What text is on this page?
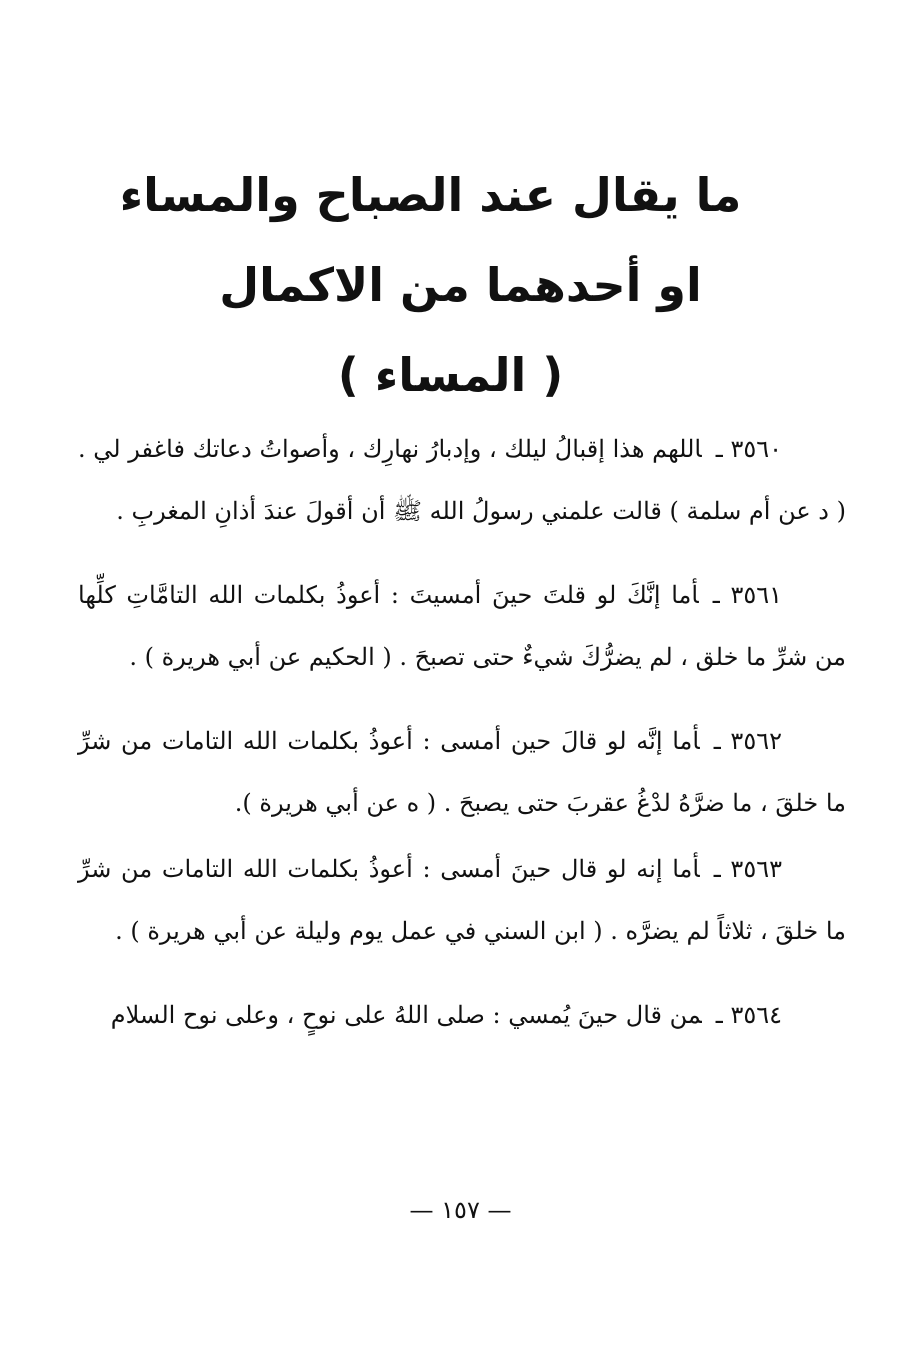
ما يقال عند الصباح والمساء
او أحدهما من الاكمال
( المساء )

٣٥٦٠ ـاللهم هذا إقبالُ ليلك ، وإدبارُ نهارِك ، وأصواتُ دعاتك فاغفر لي . ( د عن أم سلمة ) قالت علمني رسولُ الله ﷺ أن أقولَ عندَ أذانِ المغربِ .

٣٥٦١ ـأما إنَّكَ لو قلتَ حينَ أمسيتَ : أعوذُ بكلمات الله التامَّاتِ كلِّها من شرِّ ما خلق ، لم يضرُّكَ شيءٌ حتى تصبحَ . ( الحكيم عن أبي هريرة ) .

٣٥٦٢ ـأما إنَّه لو قالَ حين أمسى : أعوذُ بكلمات الله التامات من شرِّ ما خلقَ ، ما ضرَّهُ لدْغُ عقربَ حتى يصبحَ . ( ه عن أبي هريرة ).

٣٥٦٣ ـأما إنه لو قال حينَ أمسى : أعوذُ بكلمات الله التامات من شرِّ ما خلقَ ، ثلاثاً لم يضرَّه . ( ابن السني في عمل يوم وليلة عن أبي هريرة ) .

٣٥٦٤ ـمن قال حينَ يُمسي : صلى اللهُ على نوحٍ ، وعلى نوح السلام

— ١٥٧ —
